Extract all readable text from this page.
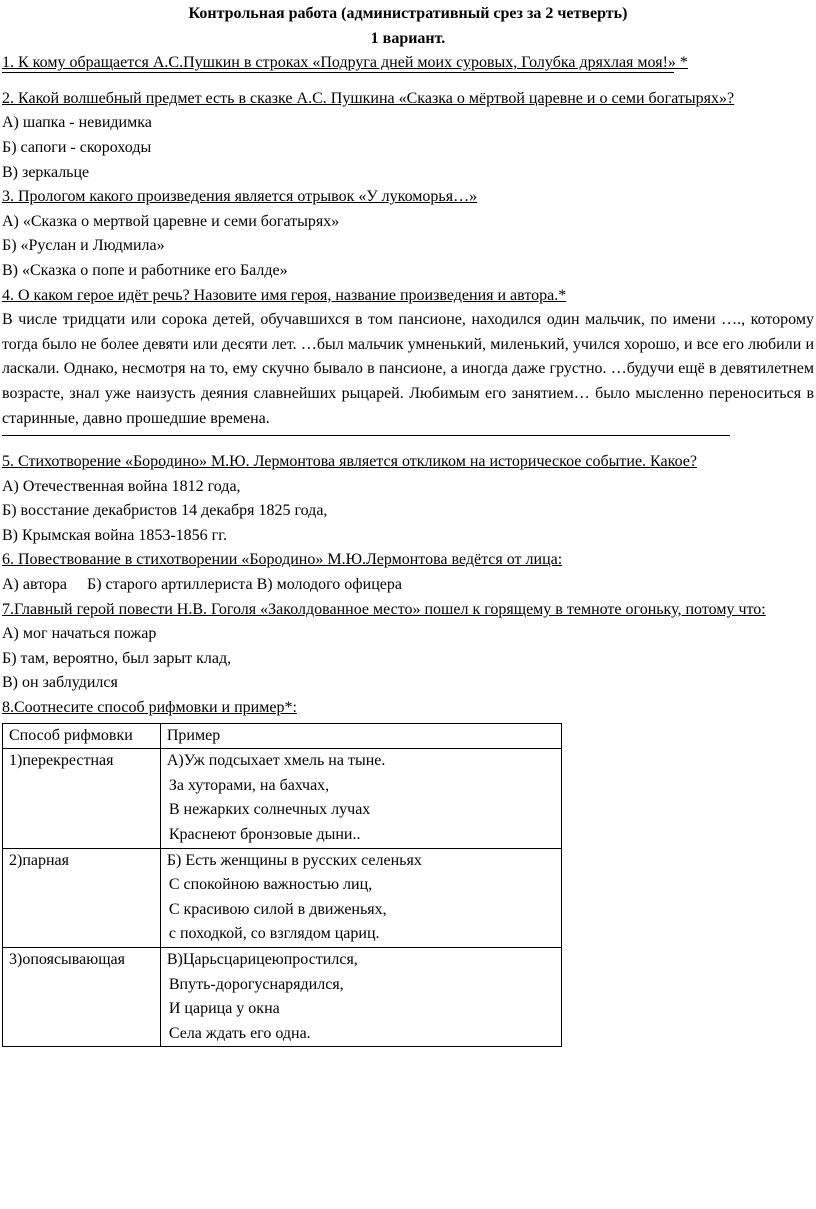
Контрольная работа (административный срез за 2 четверть)

1 вариант.

1. К кому обращается А.С.Пушкин в строках «Подруга дней моих суровых, Голубка дряхлая моя!» *

2. Какой волшебный предмет есть в сказке А.С. Пушкина «Сказка о мёртвой царевне и о семи богатырях»?

А) шапка - невидимка

Б) сапоги - скороходы

В) зеркальце

3. Прологом какого произведения является отрывок «У лукоморья…»

А) «Сказка о мертвой царевне и семи богатырях»

Б) «Руслан и Людмила»

В) «Сказка о попе и работнике его Балде»

4. О каком герое идёт речь? Назовите имя героя, название произведения и автора.*

В числе тридцати или сорока детей, обучавшихся в том пансионе, находился один мальчик, по имени …., которому тогда было не более девяти или десяти лет. …был мальчик умненький, миленький, учился хорошо, и все его любили и ласкали. Однако, несмотря на то, ему скучно бывало в пансионе, а иногда даже грустно. …будучи ещё в девятилетнем возрасте, знал уже наизусть деяния славнейших рыцарей. Любимым его занятием… было мысленно переноситься в старинные, давно прошедшие времена.

5. Стихотворение «Бородино» М.Ю. Лермонтова является откликом на историческое событие. Какое?

А) Отечественная война 1812 года,

Б) восстание декабристов 14 декабря 1825 года,

В) Крымская война 1853-1856 гг.

6. Повествование в стихотворении «Бородино» М.Ю.Лермонтова ведётся от лица:

А) автора     Б) старого артиллериста В) молодого офицера

7.Главный герой повести Н.В. Гоголя «Заколдованное место» пошел к горящему в темноте огоньку, потому что:

А) мог начаться пожар

Б) там, вероятно, был зарыт клад,

В) он заблудился

8.Соотнесите способ рифмовки и пример*:

Способ рифмовки	Пример
1)перекрестная	А)Уж подсыхает хмель на тыне.
За хуторами, на бахчах,
В нежарких солнечных лучах
Краснеют бронзовые дыни..

2)парная	Б) Есть женщины в русских селеньях
С спокойною важностью лиц,
С красивою силой в движеньях,
с походкой, со взглядом цариц.

3)опоясывающая	В)Царьсцарицеюпростился,
Впуть-дорогуснарядился,
И царица у окна
Села ждать его одна.
